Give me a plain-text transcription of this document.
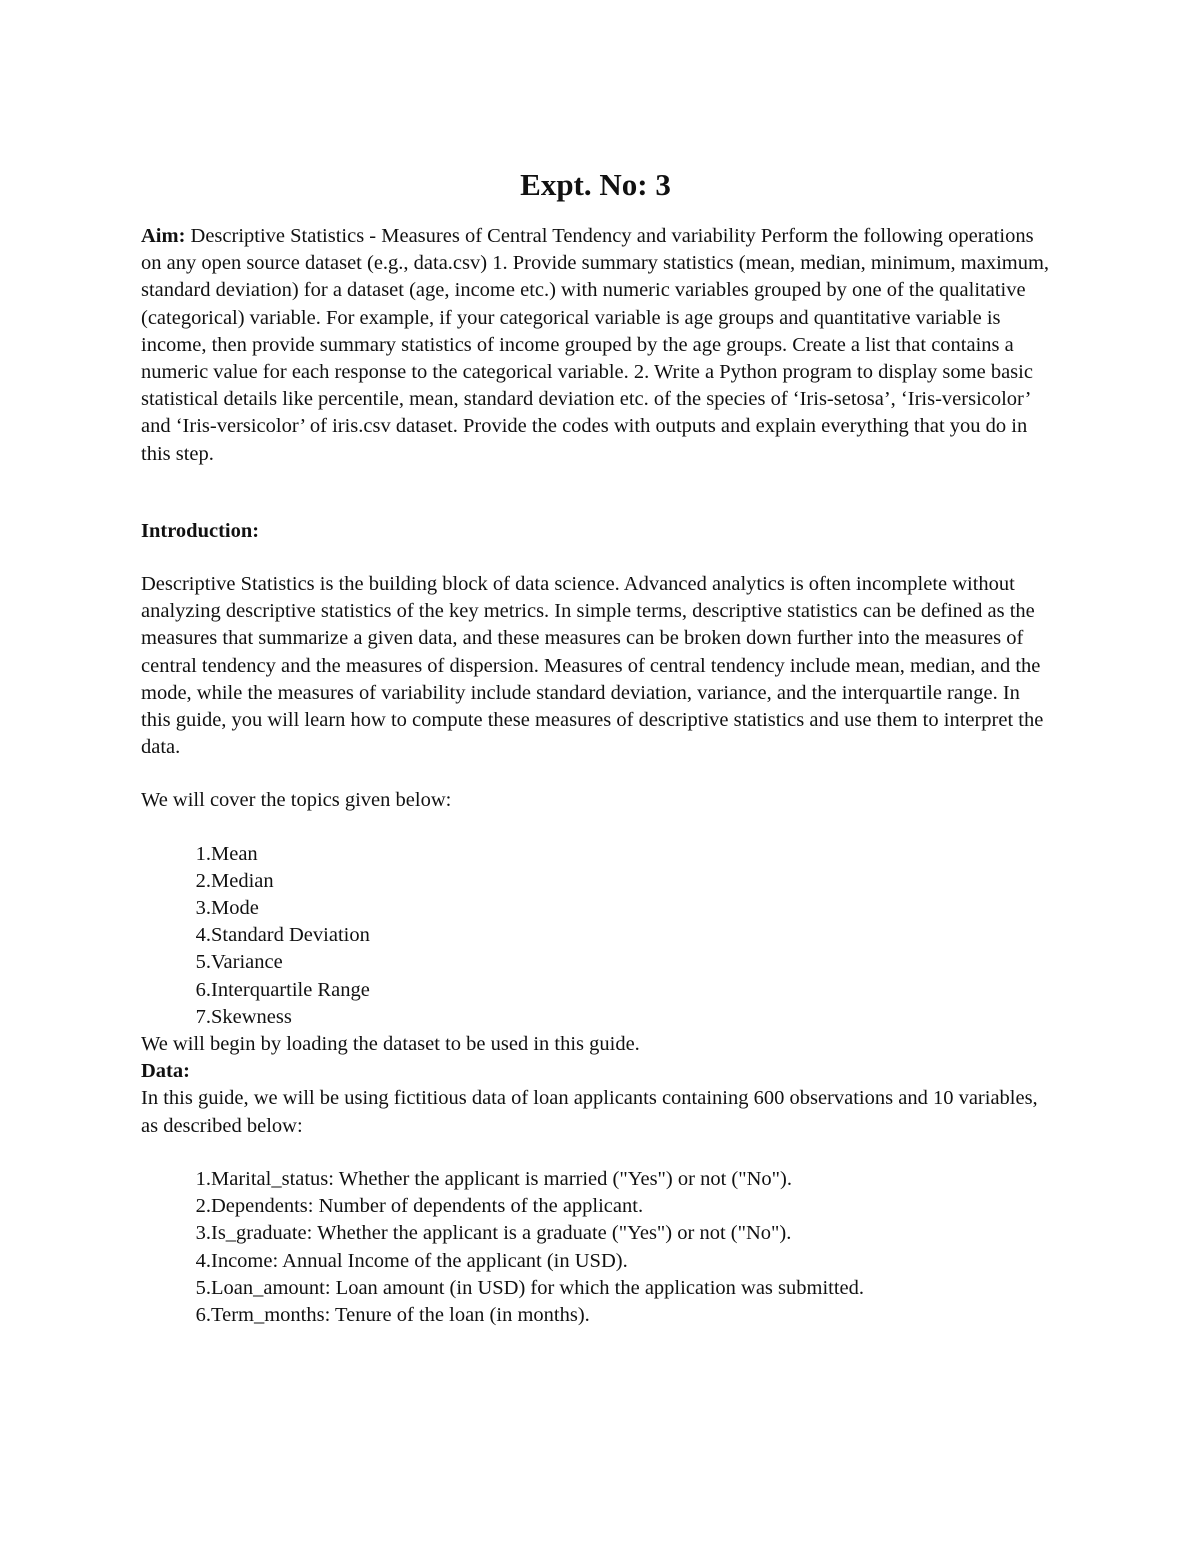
Expt. No: 3

Aim: Descriptive Statistics - Measures of Central Tendency and variability Perform the following operations on any open source dataset (e.g., data.csv) 1. Provide summary statistics (mean, median, minimum, maximum, standard deviation) for a dataset (age, income etc.) with numeric variables grouped by one of the qualitative (categorical) variable. For example, if your categorical variable is age groups and quantitative variable is income, then provide summary statistics of income grouped by the age groups. Create a list that contains a numeric value for each response to the categorical variable. 2. Write a Python program to display some basic statistical details like percentile, mean, standard deviation etc. of the species of ‘Iris-setosa’, ‘Iris-versicolor’ and ‘Iris-versicolor’ of iris.csv dataset. Provide the codes with outputs and explain everything that you do in this step.

Introduction:

Descriptive Statistics is the building block of data science. Advanced analytics is often incomplete without analyzing descriptive statistics of the key metrics. In simple terms, descriptive statistics can be defined as the measures that summarize a given data, and these measures can be broken down further into the measures of central tendency and the measures of dispersion. Measures of central tendency include mean, median, and the mode, while the measures of variability include standard deviation, variance, and the interquartile range. In this guide, you will learn how to compute these measures of descriptive statistics and use them to interpret the data.

We will cover the topics given below:

1. Mean
2. Median
3. Mode
4. Standard Deviation
5. Variance
6. Interquartile Range
7. Skewness

We will begin by loading the dataset to be used in this guide.

Data:

In this guide, we will be using fictitious data of loan applicants containing 600 observations and 10 variables, as described below:

1. Marital_status: Whether the applicant is married ("Yes") or not ("No").
2. Dependents: Number of dependents of the applicant.
3. Is_graduate: Whether the applicant is a graduate ("Yes") or not ("No").
4. Income: Annual Income of the applicant (in USD).
5. Loan_amount: Loan amount (in USD) for which the application was submitted.
6. Term_months: Tenure of the loan (in months).
